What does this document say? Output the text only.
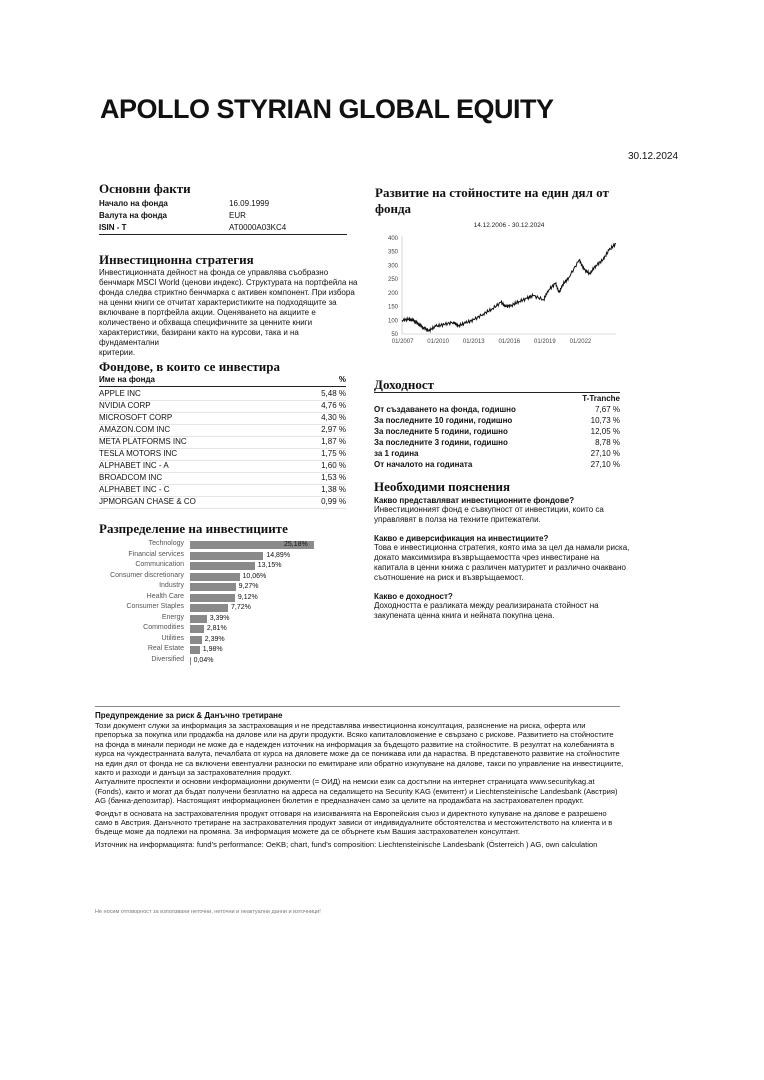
APOLLO STYRIAN GLOBAL EQUITY
30.12.2024
Основни факти
Начало на фонда	16.09.1999
Валута на фонда	EUR
ISIN - T	AT0000A03KC4
Инвестиционна стратегия
Инвестиционната дейност на фонда се управлява съобразно
бенчмарк MSCI World (ценови индекс). Структурата на портфейла на
фонда следва стриктно бенчмарка с активен компонент. При избора
на ценни книги се отчитат характеристиките на подходящите за
включване в портфейла акции. Оценяването на акциите е
количествено и обхваща специфичните за ценните книги
характеристики, базирани както на курсови, така и на фундаментални
критерии.
Фондове, в които се инвестира
Име на фонда	%
APPLE INC	5,48 %
NVIDIA CORP	4,76 %
MICROSOFT CORP	4,30 %
AMAZON.COM INC	2,97 %
META PLATFORMS INC	1,87 %
TESLA MOTORS INC	1,75 %
ALPHABET INC - A	1,60 %
BROADCOM INC	1,53 %
ALPHABET INC - C	1,38 %
JPMORGAN CHASE & CO	0,99 %
Разпределение на инвестициите
Technology	25,18%
Financial services	14,89%
Communication	13,15%
Consumer discretionary	10,06%
Industry	9,27%
Health Care	9,12%
Consumer Staples	7,72%
Energy	3,39%
Commodities	2,81%
Utilities	2,39%
Real Estate	1,98%
Diversified 0,04%
Развитие на стойностите на един дял от
фонда
14.12.2006 - 30.12.2024
50
100
150
200
250
300
350
400
01/2007 01/2010 01/2013 01/2016 01/2019 01/2022
Доходност
T-Tranche
От създаването на фонда, годишно	7,67 %
За последните 10 години, годишно	10,73 %
За последните 5 години, годишно	12,05 %
За последните 3 години, годишно	8,78 %
за 1 година	27,10 %
От началото на годината	27,10 %
Необходими пояснения
Какво представляват инвестиционните фондове?
Инвестиционният фонд е съвкупност от инвестиции, които са
управлявят в полза на техните притежатели.
Какво е диверсификация на инвестициите?
Това е инвестиционна стратегия, която има за цел да намали риска,
докато максимизира възвръщаемостта чрез инвестиране на
капитала в ценни книжа с различен матуритет и различно очаквано
съотношение на риск и възвръщаемост.
Какво е доходност?
Доходността е разликата между реализираната стойност на
закупената ценна книга и нейната покупна цена.
Предупреждение за риск & Данъчно третиране
Този документ служи за информация за застраховащия и не представлява инвестиционна консултация, разяснение на риска, оферта или
препоръка за покупка или продажба на дялове или на други продукти. Всяко капиталовложение е свързано с рискове. Развитието на стойностите
на фонда в минали периоди не може да е надежден източник на информация за бъдещото развитие на стойностите. В резултат на колебанията в
курса на чуждестранната валута, печалбата от курса на дяловете може да се понижава или да нараства. В представеното развитие на стойностите
на един дял от фонда не са включени евентуални разноски по емитиране или обратно изкупуване на дялове, такси по управление на инвестициите,
както и разходи и данъци за застрахователния продукт.
Актуалните проспекти и основни информационни документи (= ОИД) на немски език са достъпни на интернет страницата www.securitykag.at
(Fonds), както и могат да бъдат получени безплатно на адреса на седалището на Security KAG (емитент) и Liechtensteinische Landesbank (Австрия)
AG (банка-депозитар). Настоящият информационен бюлетин е предназначен само за целите на продажбата на застрахователен продукт.
Фондът в основата на застрахователния продукт отговаря на изискванията на Европейския съюз и директното купуване на дялове е разрешено
само в Австрия. Данъчното третиране на застрахователния продукт зависи от индивидуалните обстоятелства и местожителството на клиента и в
бъдеще може да подлежи на промяна. За информация можете да се обърнете към Вашия застрахователен консултант.
Източник на информацията: fund's performance: OeKB; chart, fund's composition: Liechtensteinische Landesbank (Österreich ) AG, own calculation
Не носим отговорност за използвани неточни, неточни и неактуални данни и източници!
